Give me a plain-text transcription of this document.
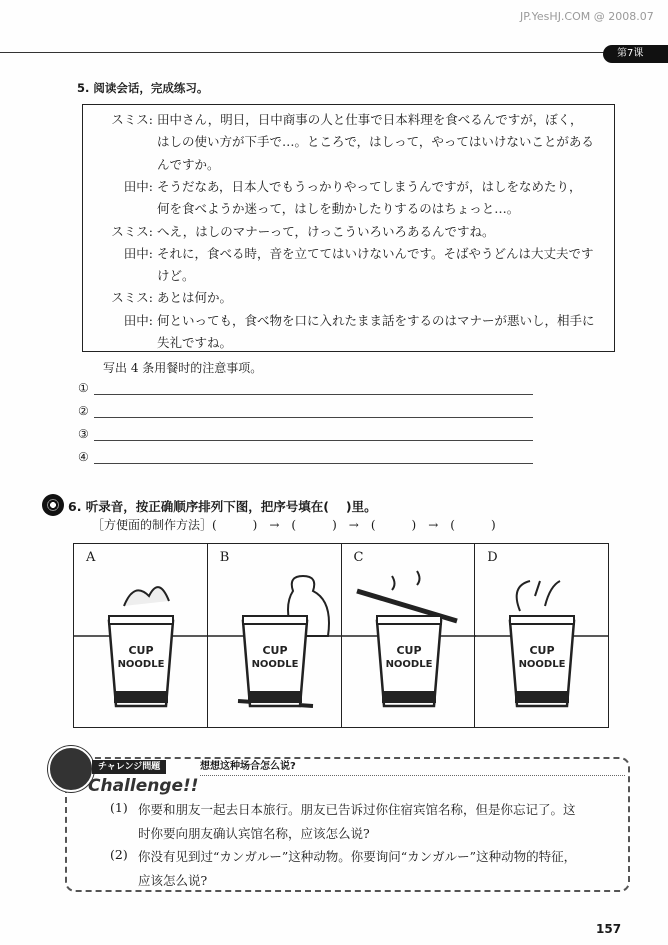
JP.YesHJ.COM @ 2008.07
第7课
5. 阅读会话，完成练习。
スミス: 田中さん，明日，日中商事の人と仕事で日本料理を食べるんですが，ぼく，
はしの使い方が下手で…。ところで，はしって，やってはいけないことがある
んですか。
田中: そうだなあ，日本人でもうっかりやってしまうんですが，はしをなめたり，
何を食べようか迷って，はしを動かしたりするのはちょっと…。
スミス: へえ，はしのマナーって，けっこういろいろあるんですね。
田中: それに，食べる時，音を立ててはいけないんです。そばやうどんは大丈夫です
けど。
スミス: あとは何か。
田中: 何といっても，食べ物を口に入れたまま話をするのはマナーが悪いし，相手に
失礼ですね。
写出 4 条用餐时的注意事项。
①
②
③
④
6. 听录音，按正确顺序排列下图，把序号填在(　 )里。
［方便面的制作方法］(　　　)　→　(　　　)　→　(　　　)　→　(　　　)
A
CUP
NOODLE
B
CUP
NOODLE
C
CUP
NOODLE
D
CUP
NOODLE
チャレンジ問題
Challenge!!
想想这种场合怎么说?
(1) 你要和朋友一起去日本旅行。朋友已告诉过你住宿宾馆名称，但是你忘记了。这
时你要向朋友确认宾馆名称，应该怎么说?
(2) 你没有见到过“カンガルー”这种动物。你要询问“カンガルー”这种动物的特征，
应该怎么说?
157
